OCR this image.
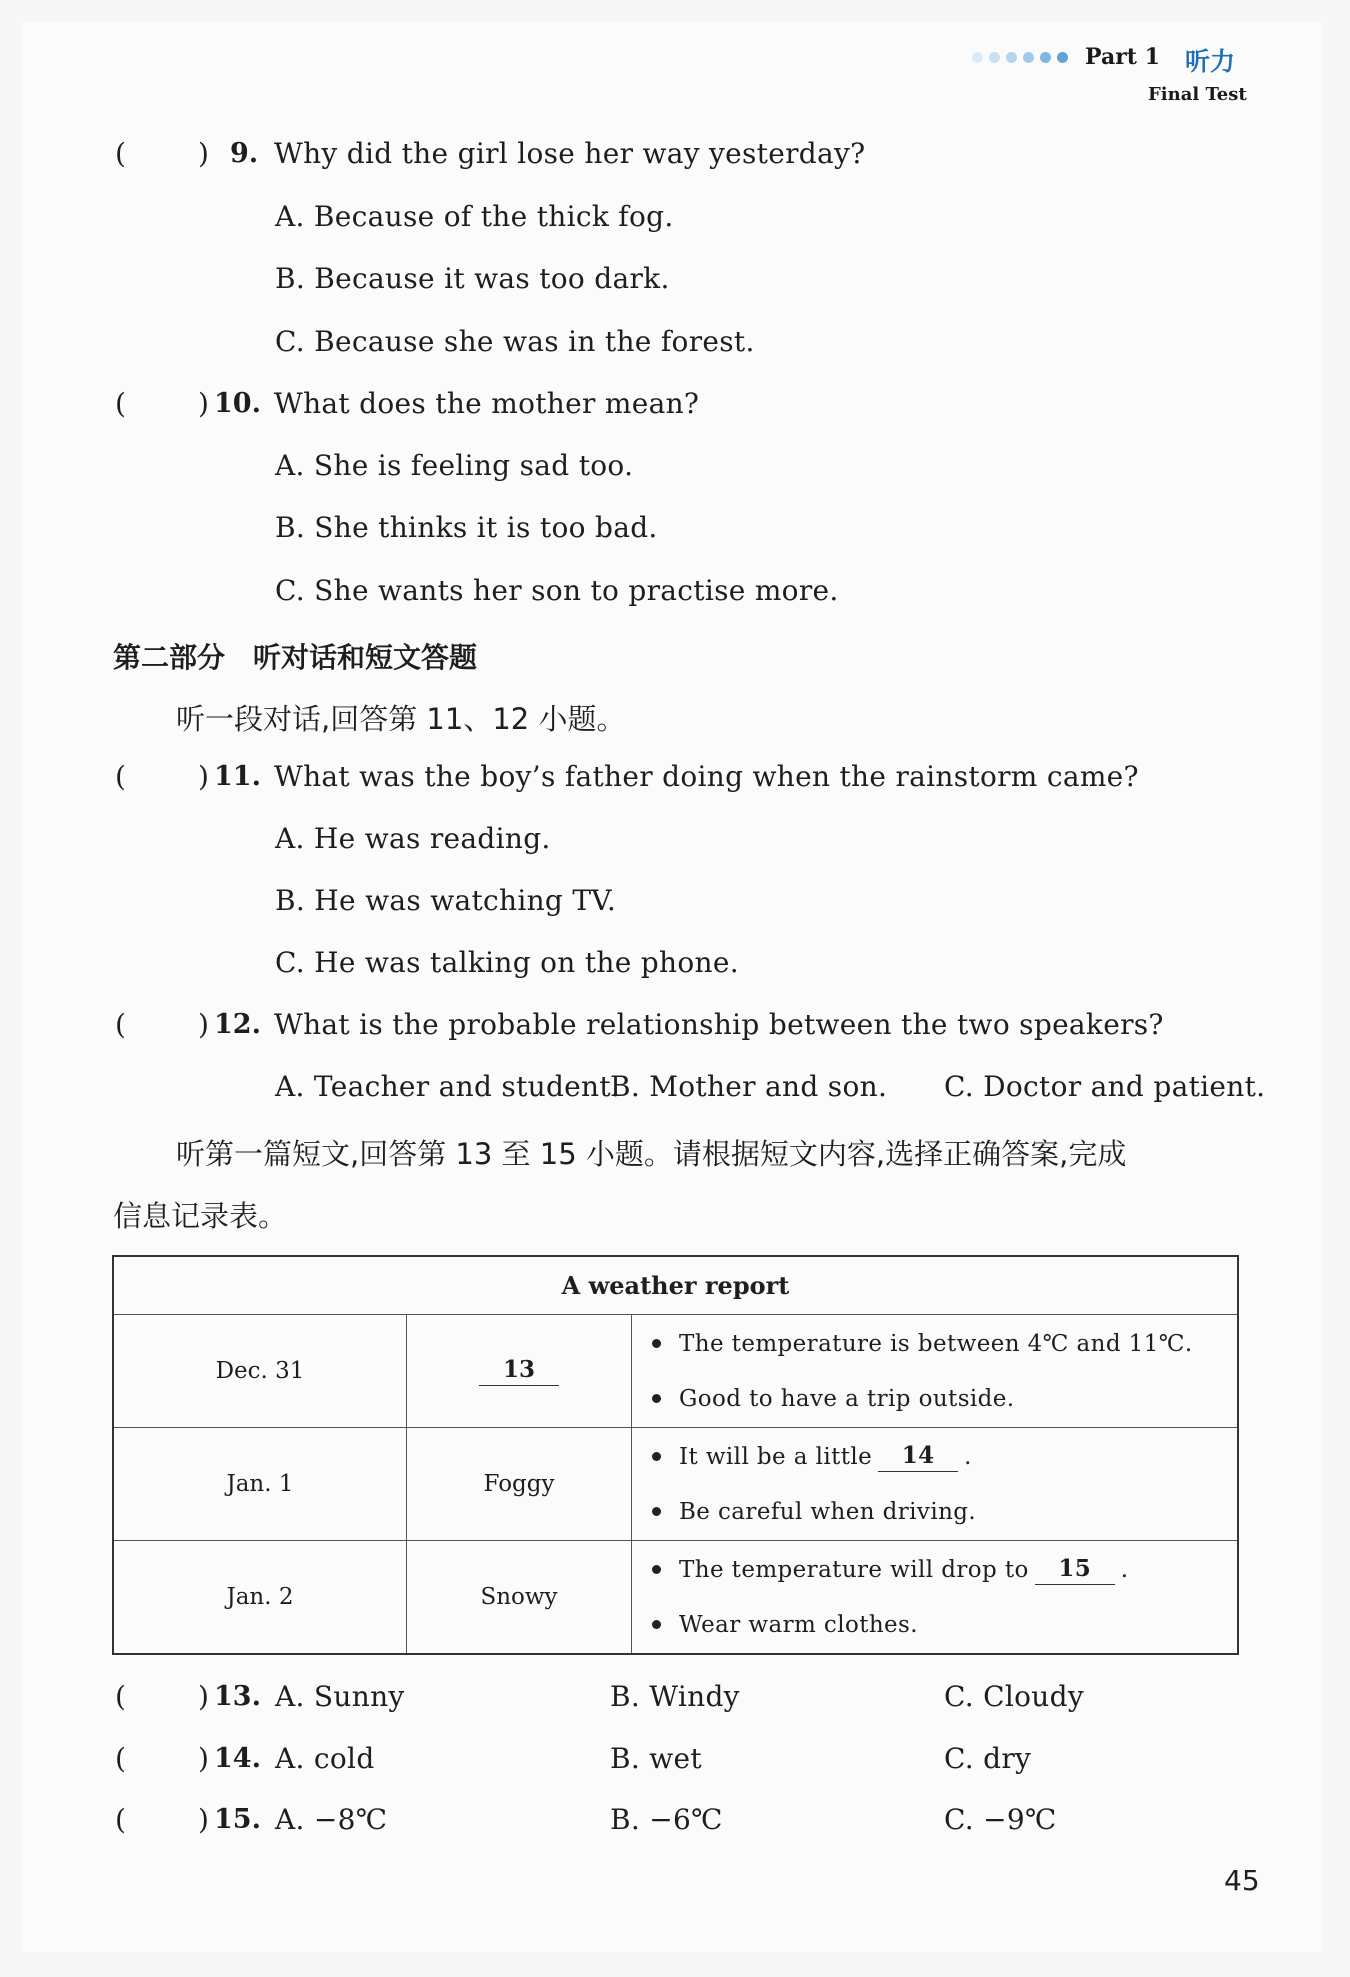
Part 1 听力
Final Test
(	) 9. Why did the girl lose her way yesterday?
A. Because of the thick fog.
B. Because it was too dark.
C. Because she was in the forest.
(	) 10. What does the mother mean?
A. She is feeling sad too.
B. She thinks it is too bad.
C. She wants her son to practise more.
第二部分　听对话和短文答题
听一段对话,回答第 11、12 小题。
(	) 11. What was the boy’s father doing when the rainstorm came?
A. He was reading.
B. He was watching TV.
C. He was talking on the phone.
(	) 12. What is the probable relationship between the two speakers?
A. Teacher and student.
B. Mother and son. C. Doctor and patient.
听第一篇短文,回答第 13 至 15 小题。请根据短文内容,选择正确答案,完成
信息记录表。
A weather report		
Dec. 31	13	The temperature is between 4℃ and 11℃.
Good to have a trip outside.

Jan. 1	Foggy	It will be a little 14 .
Be careful when driving.

Jan. 2	Snowy	The temperature will drop to 15 .
Wear warm clothes.
(	) 13. A. Sunny	B. Windy	C. Cloudy
(	) 14. A. cold	B. wet	C. dry
(	) 15. A. −8℃	B. −6℃	C. −9℃
45
